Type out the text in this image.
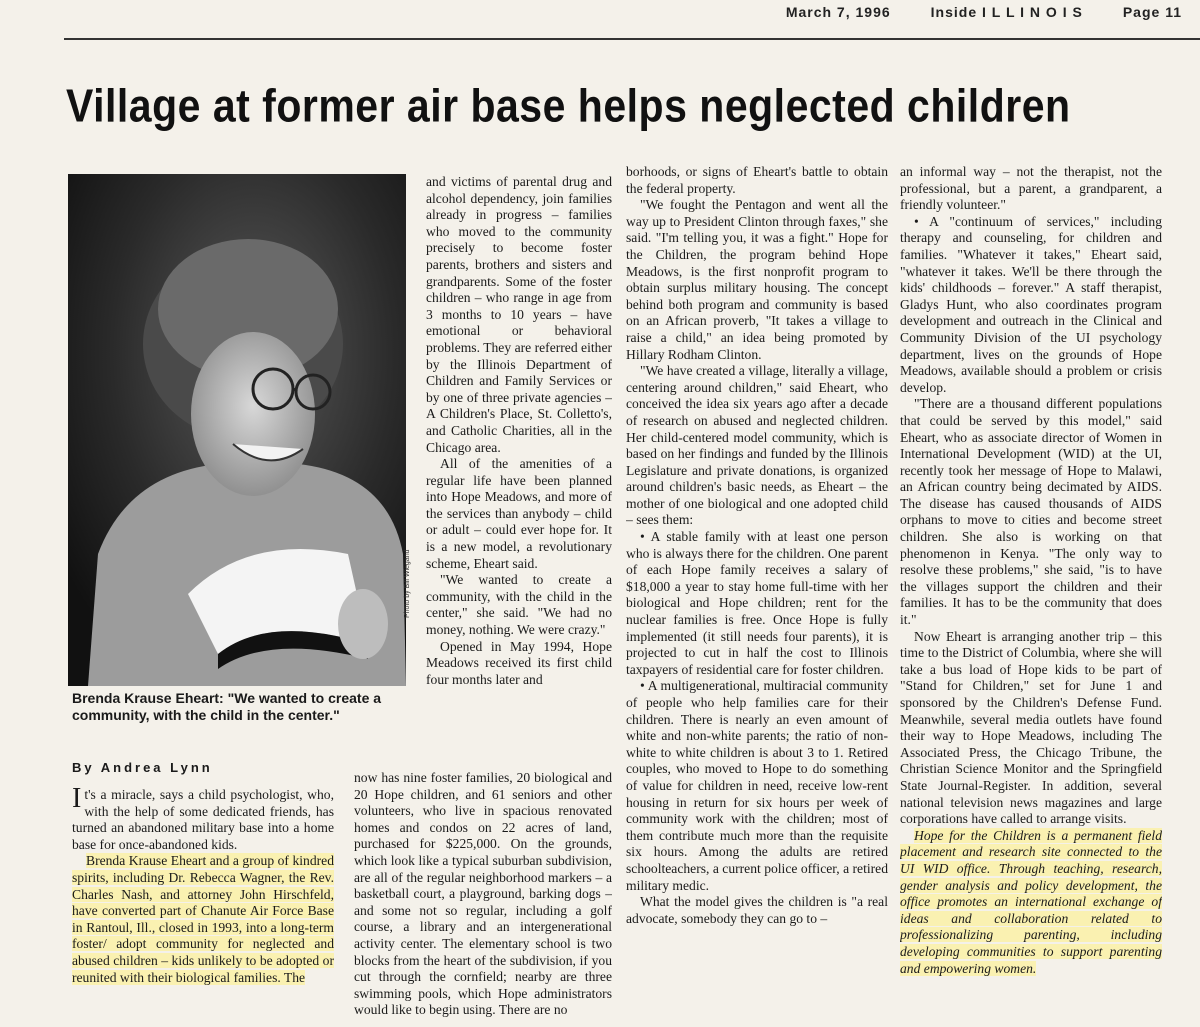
March 7, 1996	Inside I L L I N O I S	Page 11
Village at former air base helps neglected children
Photo by Bill Wiegand
Brenda Krause Eheart: "We wanted to create a community, with the child in the center."
By Andrea Lynn

It's a miracle, says a child psychologist, who, with the help of some dedicated friends, has turned an abandoned military base into a home base for once-abandoned kids.

Brenda Krause Eheart and a group of kindred spirits, including Dr. Rebecca Wagner, the Rev. Charles Nash, and attorney John Hirschfeld, have converted part of Chanute Air Force Base in Rantoul, Ill., closed in 1993, into a long-term foster/ adopt community for neglected and abused children – kids unlikely to be adopted or reunited with their biological families. The

and victims of parental drug and alcohol dependency, join families already in progress – families who moved to the community precisely to become foster parents, brothers and sisters and grandparents. Some of the foster children – who range in age from 3 months to 10 years – have emotional or behavioral problems. They are referred either by the Illinois Department of Children and Family Services or by one of three private agencies – A Children's Place, St. Colletto's, and Catholic Charities, all in the Chicago area.

All of the amenities of a regular life have been planned into Hope Meadows, and more of the services than anybody – child or adult – could ever hope for. It is a new model, a revolutionary scheme, Eheart said.

"We wanted to create a community, with the child in the center," she said. "We had no money, nothing. We were crazy."

Opened in May 1994, Hope Meadows received its first child four months later and

now has nine foster families, 20 biological and 20 Hope children, and 61 seniors and other volunteers, who live in spacious renovated homes and condos on 22 acres of land, purchased for $225,000. On the grounds, which look like a typical suburban subdivision, are all of the regular neighborhood markers – a basketball court, a playground, barking dogs – and some not so regular, including a golf course, a library and an intergenerational activity center. The elementary school is two blocks from the heart of the subdivision, if you cut through the cornfield; nearby are three swimming pools, which Hope administrators would like to begin using. There are no

borhoods, or signs of Eheart's battle to obtain the federal property.

"We fought the Pentagon and went all the way up to President Clinton through faxes," she said. "I'm telling you, it was a fight." Hope for the Children, the program behind Hope Meadows, is the first nonprofit program to obtain surplus military housing. The concept behind both program and community is based on an African proverb, "It takes a village to raise a child," an idea being promoted by Hillary Rodham Clinton.

"We have created a village, literally a village, centering around children," said Eheart, who conceived the idea six years ago after a decade of research on abused and neglected children. Her child-centered model community, which is based on her findings and funded by the Illinois Legislature and private donations, is organized around children's basic needs, as Eheart – the mother of one biological and one adopted child – sees them:

• A stable family with at least one person who is always there for the children. One parent of each Hope family receives a salary of $18,000 a year to stay home full-time with her biological and Hope children; rent for the nuclear families is free. Once Hope is fully implemented (it still needs four parents), it is projected to cut in half the cost to Illinois taxpayers of residential care for foster children.

• A multigenerational, multiracial community of people who help families care for their children. There is nearly an even amount of white and non-white parents; the ratio of non-white to white children is about 3 to 1. Retired couples, who moved to Hope to do something of value for children in need, receive low-rent housing in return for six hours per week of community work with the children; most of them contribute much more than the requisite six hours. Among the adults are retired schoolteachers, a current police officer, a retired military medic.

What the model gives the children is "a real advocate, somebody they can go to –

an informal way – not the therapist, not the professional, but a parent, a grandparent, a friendly volunteer."

• A "continuum of services," including therapy and counseling, for children and families. "Whatever it takes," Eheart said, "whatever it takes. We'll be there through the kids' childhoods – forever." A staff therapist, Gladys Hunt, who also coordinates program development and outreach in the Clinical and Community Division of the UI psychology department, lives on the grounds of Hope Meadows, available should a problem or crisis develop.

"There are a thousand different populations that could be served by this model," said Eheart, who as associate director of Women in International Development (WID) at the UI, recently took her message of Hope to Malawi, an African country being decimated by AIDS. The disease has caused thousands of AIDS orphans to move to cities and become street children. She also is working on that phenomenon in Kenya. "The only way to resolve these problems," she said, "is to have the villages support the children and their families. It has to be the community that does it."

Now Eheart is arranging another trip – this time to the District of Columbia, where she will take a bus load of Hope kids to be part of "Stand for Children," set for June 1 and sponsored by the Children's Defense Fund. Meanwhile, several media outlets have found their way to Hope Meadows, including The Associated Press, the Chicago Tribune, the Christian Science Monitor and the Springfield State Journal-Register. In addition, several national television news magazines and large corporations have called to arrange visits.

Hope for the Children is a permanent field placement and research site connected to the UI WID office. Through teaching, research, gender analysis and policy development, the office promotes an international exchange of ideas and collaboration related to professionalizing parenting, including developing communities to support parenting and empowering women.
